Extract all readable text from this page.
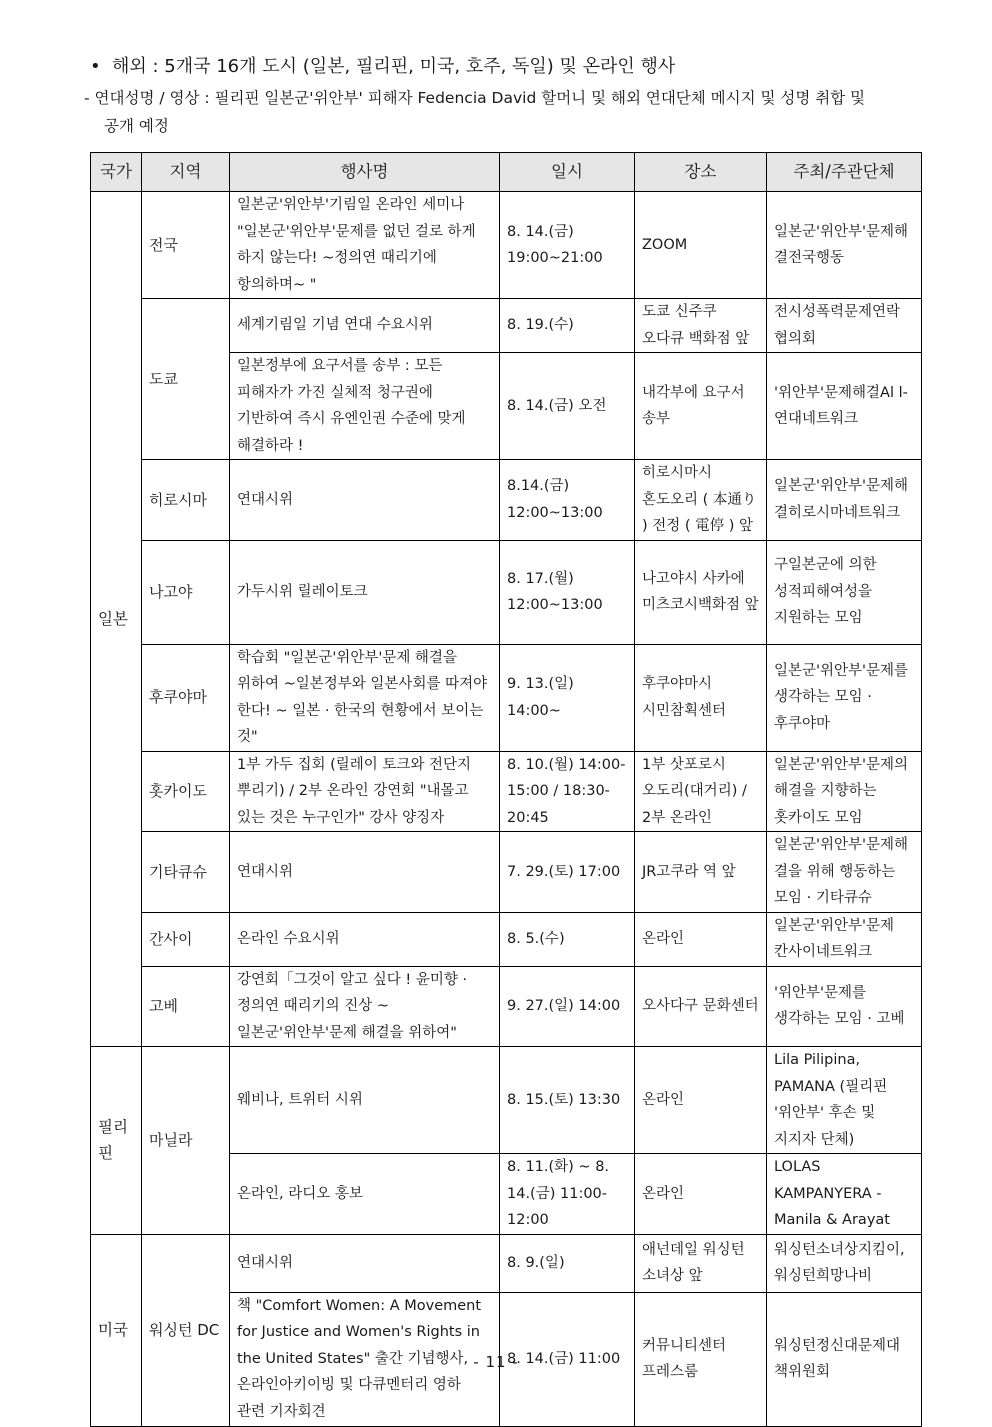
• 해외 : 5개국 16개 도시 (일본, 필리핀, 미국, 호주, 독일) 및 온라인 행사
- 연대성명 / 영상 : 필리핀 일본군'위안부' 피해자 Fedencia David 할머니 및 해외 연대단체 메시지 및 성명 취합 및
공개 예정
국가	지역	행사명	일시	장소	주최/주관단체
일본	전국	일본군'위안부'기림일 온라인 세미나 "일본군'위안부'문제를 없던 걸로 하게 하지 않는다! ~정의연 때리기에 항의하며~ "	8. 14.(금) 19:00~21:00	ZOOM	일본군'위안부'문제해결전국행동
	도쿄	세계기림일 기념 연대 수요시위	8. 19.(수)	도쿄 신주쿠 오다큐 백화점 앞	전시성폭력문제연락협의회
		일본정부에 요구서를 송부 : 모든 피해자가 가진 실체적 청구권에 기반하여 즉시 유엔인권 수준에 맞게 해결하라 !	8. 14.(금) 오전	내각부에 요구서 송부	'위안부'문제해결Al l-연대네트워크
	히로시마	연대시위	8.14.(금) 12:00~13:00	히로시마시 혼도오리 ( 本通り ) 전정 ( 電停 ) 앞	일본군'위안부'문제해결히로시마네트워크
	나고야	가두시위 릴레이토크	8. 17.(월) 12:00~13:00	나고야시 사카에 미츠코시백화점 앞	구일본군에 의한 성적피해여성을 지원하는 모임
	후쿠야마	학습회 "일본군'위안부'문제 해결을 위하여 ~일본정부와 일본사회를 따져야 한다! ~ 일본 · 한국의 현황에서 보이는 것"	9. 13.(일) 14:00~	후쿠야마시 시민참획센터	일본군'위안부'문제를 생각하는 모임 · 후쿠야마
	홋카이도	1부 가두 집회 (릴레이 토크와 전단지 뿌리기) / 2부 온라인 강연회 "내몰고 있는 것은 누구인가" 강사 양징자	8. 10.(월) 14:00-15:00 / 18:30-20:45	1부 삿포로시 오도리(대거리) / 2부 온라인	일본군'위안부'문제의 해결을 지향하는 홋카이도 모임
	기타큐슈	연대시위	7. 29.(토) 17:00	JR고쿠라 역 앞	일본군'위안부'문제해결을 위해 행동하는 모임 · 기타큐슈
	간사이	온라인 수요시위	8. 5.(수)	온라인	일본군'위안부'문제 칸사이네트워크
	고베	강연회「그것이 알고 싶다 ! 윤미향 · 정의연 때리기의 진상 ~ 일본군'위안부'문제 해결을 위하여"	9. 27.(일) 14:00	오사다구 문화센터	'위안부'문제를 생각하는 모임 · 고베
필리핀	마닐라	웨비나, 트위터 시위	8. 15.(토) 13:30	온라인	Lila Pilipina, PAMANA (필리핀 '위안부' 후손 및 지지자 단체)
		온라인, 라디오 홍보	8. 11.(화) ~ 8. 14.(금) 11:00-12:00	온라인	LOLAS KAMPANYERA -Manila & Arayat
미국	워싱턴 DC	연대시위	8. 9.(일)	애넌데일 워싱턴 소녀상 앞	워싱턴소녀상지킴이, 워싱턴희망나비
		책 "Comfort Women: A Movement for Justice and Women's Rights in the United States" 출간 기념행사, 온라인아키이빙 및 다큐멘터리 영하 관련 기자회견	8. 14.(금) 11:00	커뮤니티센터 프레스룸	워싱턴정신대문제대책위원회
- 11 -
